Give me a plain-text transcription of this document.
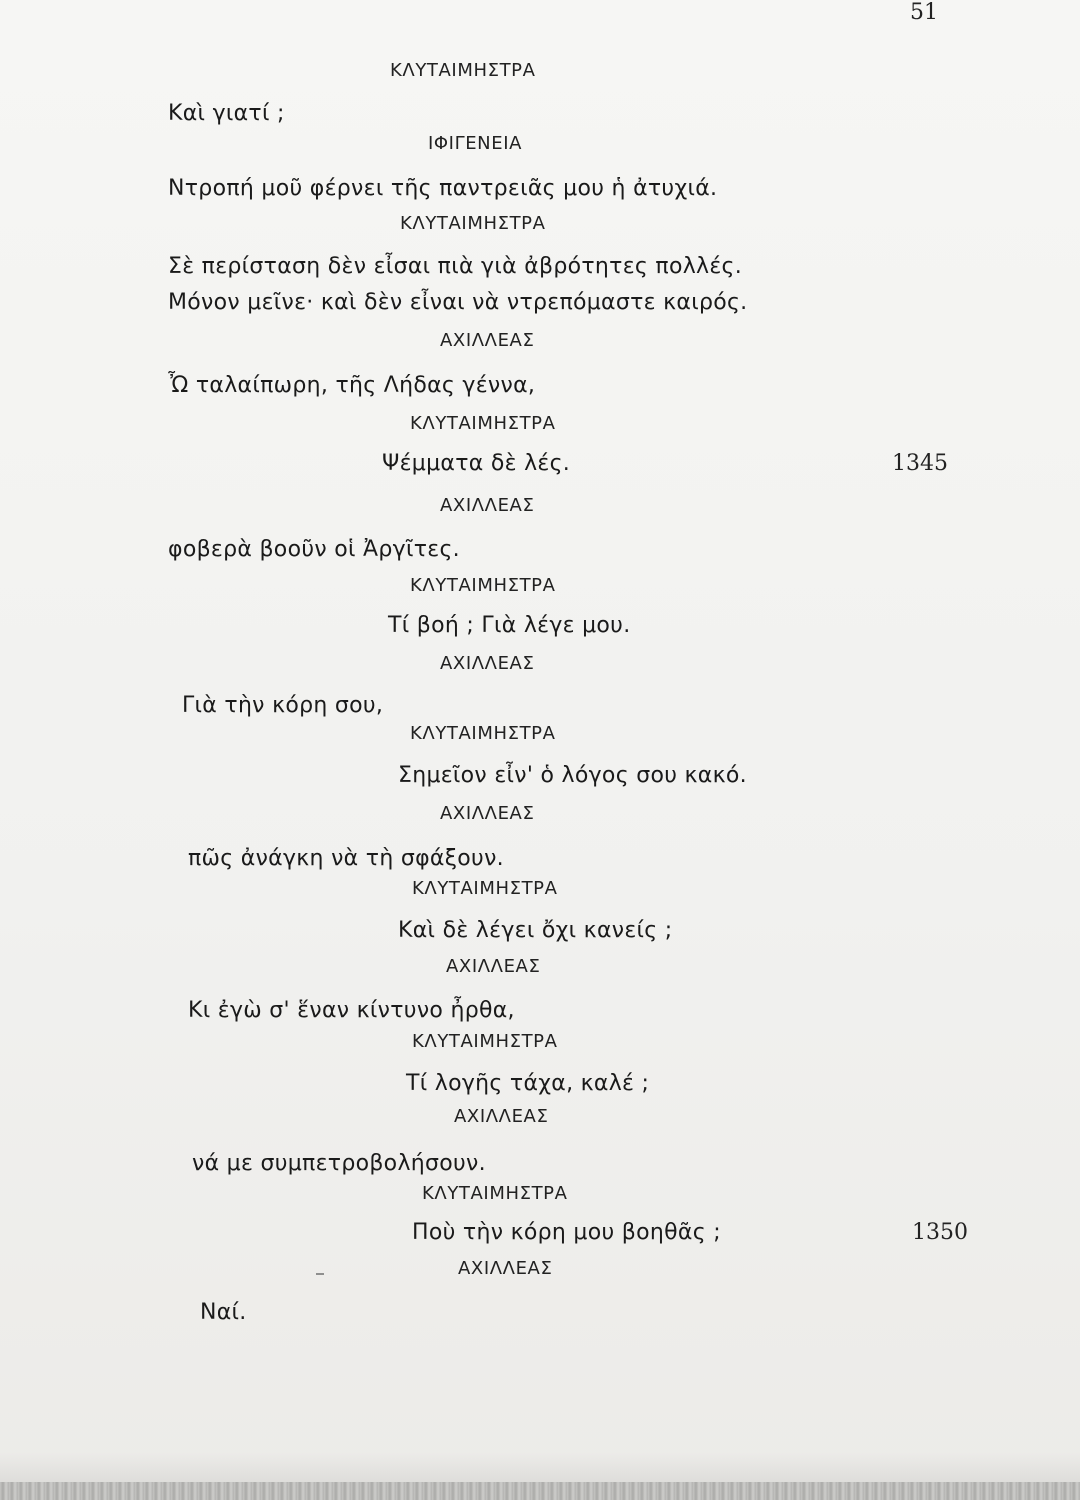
51
ΚΛΥΤΑΙΜΗΣΤΡΑ
Καὶ γιατί ;
ΙΦΙΓΕΝΕΙΑ
Ντροπή μοῦ φέρνει τῆς παντρειᾶς μου ἡ ἀτυχιά.
ΚΛΥΤΑΙΜΗΣΤΡΑ
Σὲ περίσταση δὲν εἶσαι πιὰ γιὰ ἀβρότητες πολλές.
Μόνον μεῖνε· καὶ δὲν εἶναι νὰ ντρεπόμαστε καιρός.
ΑΧΙΛΛΕΑΣ
Ὦ ταλαίπωρη, τῆς Λήδας γέννα,
ΚΛΥΤΑΙΜΗΣΤΡΑ
Ψέμματα δὲ λές.	1345
ΑΧΙΛΛΕΑΣ
φοβερὰ βοοῦν οἱ Ἀργῖτες.
ΚΛΥΤΑΙΜΗΣΤΡΑ
Τί βοή ; Γιὰ λέγε μου.
ΑΧΙΛΛΕΑΣ
Γιὰ τὴν κόρη σου,
ΚΛΥΤΑΙΜΗΣΤΡΑ
Σημεῖον εἶν' ὁ λόγος σου κακό.
ΑΧΙΛΛΕΑΣ
πῶς ἀνάγκη νὰ τὴ σφάξουν.
ΚΛΥΤΑΙΜΗΣΤΡΑ
Καὶ δὲ λέγει ὄχι κανείς ;
ΑΧΙΛΛΕΑΣ
Κι ἐγὼ σ' ἕναν κίντυνο ἦρθα,
ΚΛΥΤΑΙΜΗΣΤΡΑ
Τί λογῆς τάχα, καλέ ;
ΑΧΙΛΛΕΑΣ
νά με συμπετροβολήσουν.
ΚΛΥΤΑΙΜΗΣΤΡΑ
Ποὺ τὴν κόρη μου βοηθᾶς ;	1350
ΑΧΙΛΛΕΑΣ
Ναί.
